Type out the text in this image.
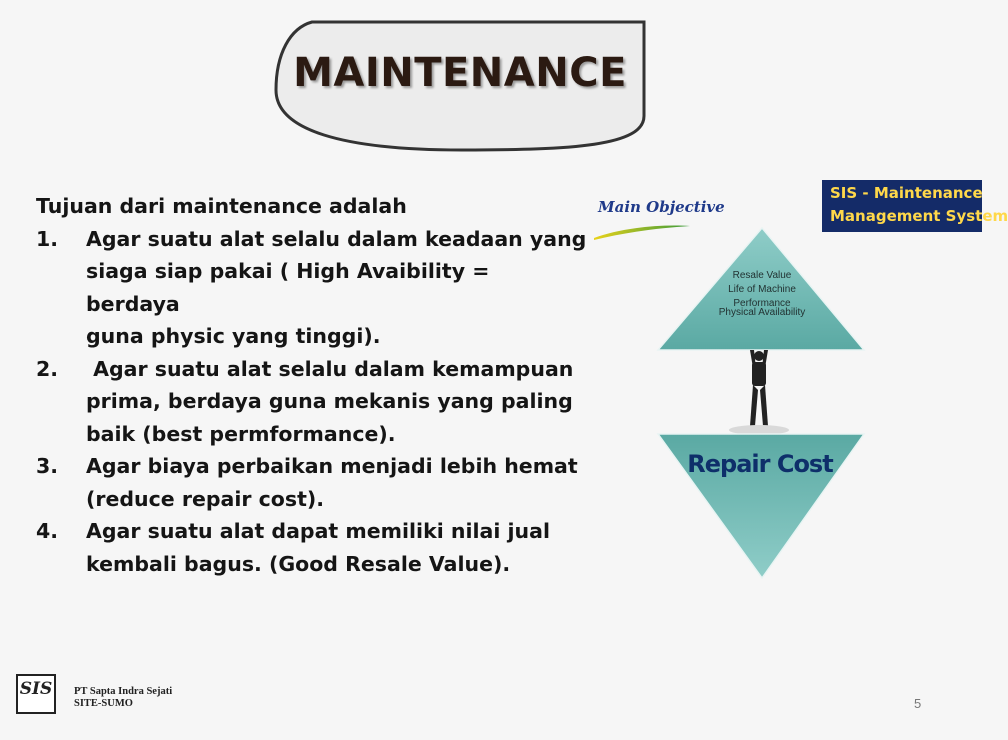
MAINTENANCE

Tujuan dari maintenance adalah

1. Agar suatu alat selalu dalam keadaan yang
siaga siap pakai ( High Avaibility = berdaya
guna physic yang tinggi).
2. Agar suatu alat selalu dalam kemampuan
prima, berdaya guna mekanis yang paling
baik (best permformance).
3. Agar biaya perbaikan menjadi lebih hemat
(reduce repair cost).
4. Agar suatu alat dapat memiliki nilai jual
kembali bagus. (Good Resale Value).
SIS - Maintenance
Management System
Main Objective
Resale Value
Life of Machine
Performance
Physical Availability
Repair Cost
SIS PT Sapta Indra Sejati
SITE-SUMO	5
